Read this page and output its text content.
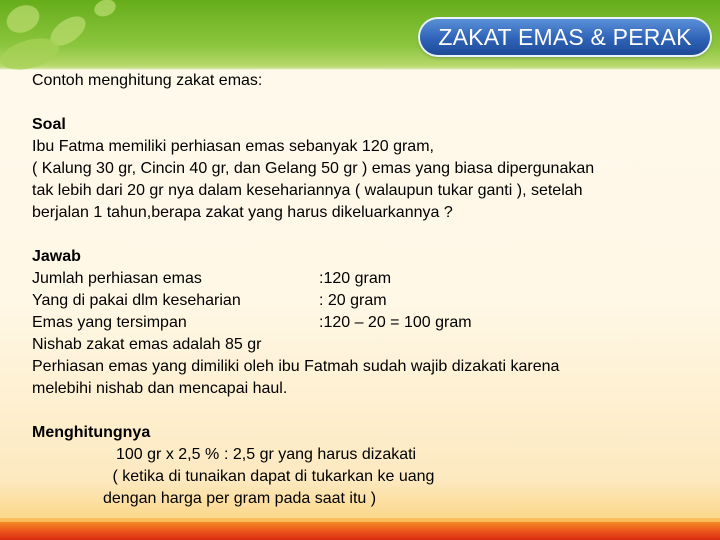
ZAKAT EMAS & PERAK
Contoh menghitung zakat emas:
Soal
Ibu Fatma memiliki perhiasan emas sebanyak 120 gram,
( Kalung 30 gr, Cincin 40 gr, dan Gelang 50 gr ) emas yang biasa dipergunakan
tak lebih dari 20 gr nya dalam kesehariannya ( walaupun tukar ganti ), setelah
berjalan 1 tahun,berapa zakat yang harus dikeluarkannya ?
Jawab
Jumlah perhiasan emas	:120 gram
Yang di pakai dlm keseharian	: 20 gram
Emas yang tersimpan	:120 – 20 = 100 gram
Nishab zakat emas adalah 85 gr
Perhiasan emas yang dimiliki oleh ibu Fatmah sudah wajib dizakati karena
melebihi nishab dan mencapai haul.
Menghitungnya
100 gr x 2,5 % : 2,5 gr yang harus dizakati
( ketika di tunaikan dapat di tukarkan ke uang
dengan harga per gram pada saat itu )
